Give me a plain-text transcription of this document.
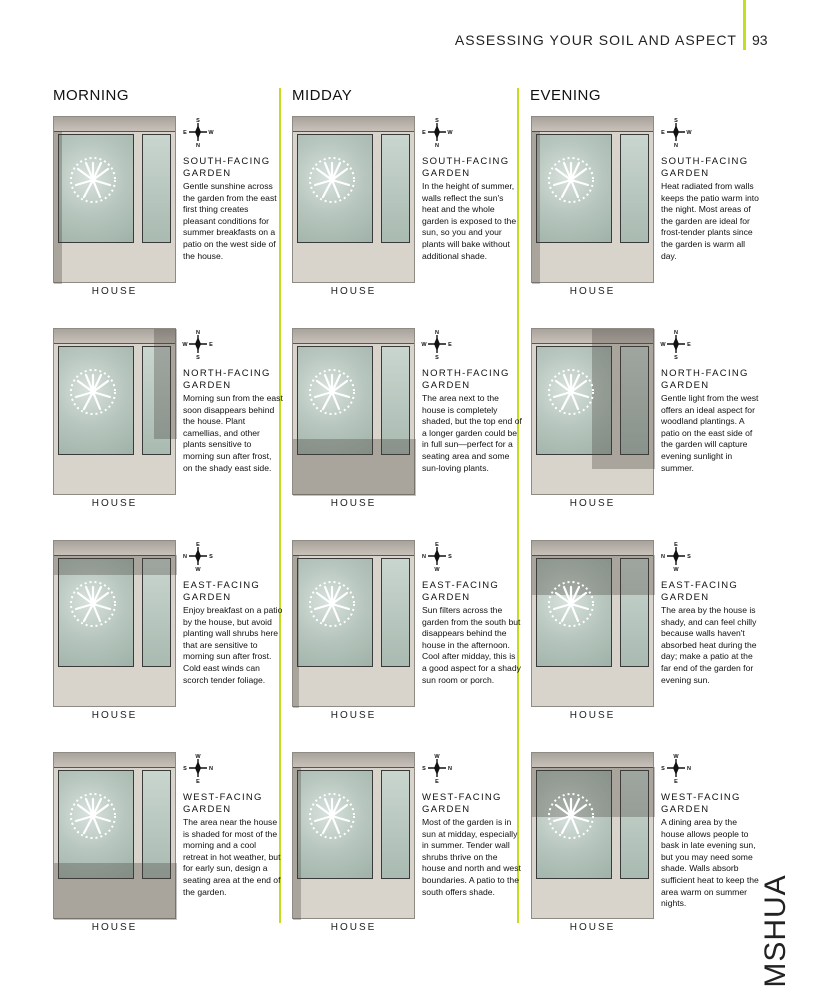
ASSESSING YOUR SOIL AND ASPECT 93
MORNING	MIDDAY	EVENING
HOUSE
S
N
E	W
SOUTH-FACING GARDEN
Gentle sunshine across the garden from the east first thing creates pleasant conditions for summer breakfasts on a patio on the west side of the house.
HOUSE
S
N
E	W
SOUTH-FACING GARDEN
In the height of summer, walls reflect the sun's heat and the whole garden is exposed to the sun, so you and your plants will bake without additional shade.
HOUSE
S
N
E	W
SOUTH-FACING GARDEN
Heat radiated from walls keeps the patio warm into the night. Most areas of the garden are ideal for frost-tender plants since the garden is warm all day.
HOUSE
N
S
W	E
NORTH-FACING GARDEN
Morning sun from the east soon disappears behind the house. Plant camellias, and other plants sensitive to morning sun after frost, on the shady east side.
HOUSE
N
S
W	E
NORTH-FACING GARDEN
The area next to the house is completely shaded, but the top end of a longer garden could be in full sun—perfect for a seating area and some sun-loving plants.
HOUSE
N
S
W	E
NORTH-FACING GARDEN
Gentle light from the west offers an ideal aspect for woodland plantings. A patio on the east side of the garden will capture evening sunlight in summer.
HOUSE
E
W
N	S
EAST-FACING GARDEN
Enjoy breakfast on a patio by the house, but avoid planting wall shrubs here that are sensitive to morning sun after frost. Cold east winds can scorch tender foliage.
HOUSE
E
W
N	S
EAST-FACING GARDEN
Sun filters across the garden from the south but disappears behind the house in the afternoon. Cool after midday, this is a good aspect for a shady sun room or porch.
HOUSE
E
W
N	S
EAST-FACING GARDEN
The area by the house is shady, and can feel chilly because walls haven't absorbed heat during the day; make a patio at the far end of the garden for evening sun.
HOUSE
W
E
S	N
WEST-FACING GARDEN
The area near the house is shaded for most of the morning and a cool retreat in hot weather, but for early sun, design a seating area at the end of the garden.
HOUSE
W
E
S	N
WEST-FACING GARDEN
Most of the garden is in sun at midday, especially in summer. Tender wall shrubs thrive on the house and north and west boundaries. A patio to the south offers shade.
HOUSE
W
E
S	N
WEST-FACING GARDEN
A dining area by the house allows people to bask in late evening sun, but you may need some shade. Walls absorb sufficient heat to keep the area warm on summer nights.	MSHUA
